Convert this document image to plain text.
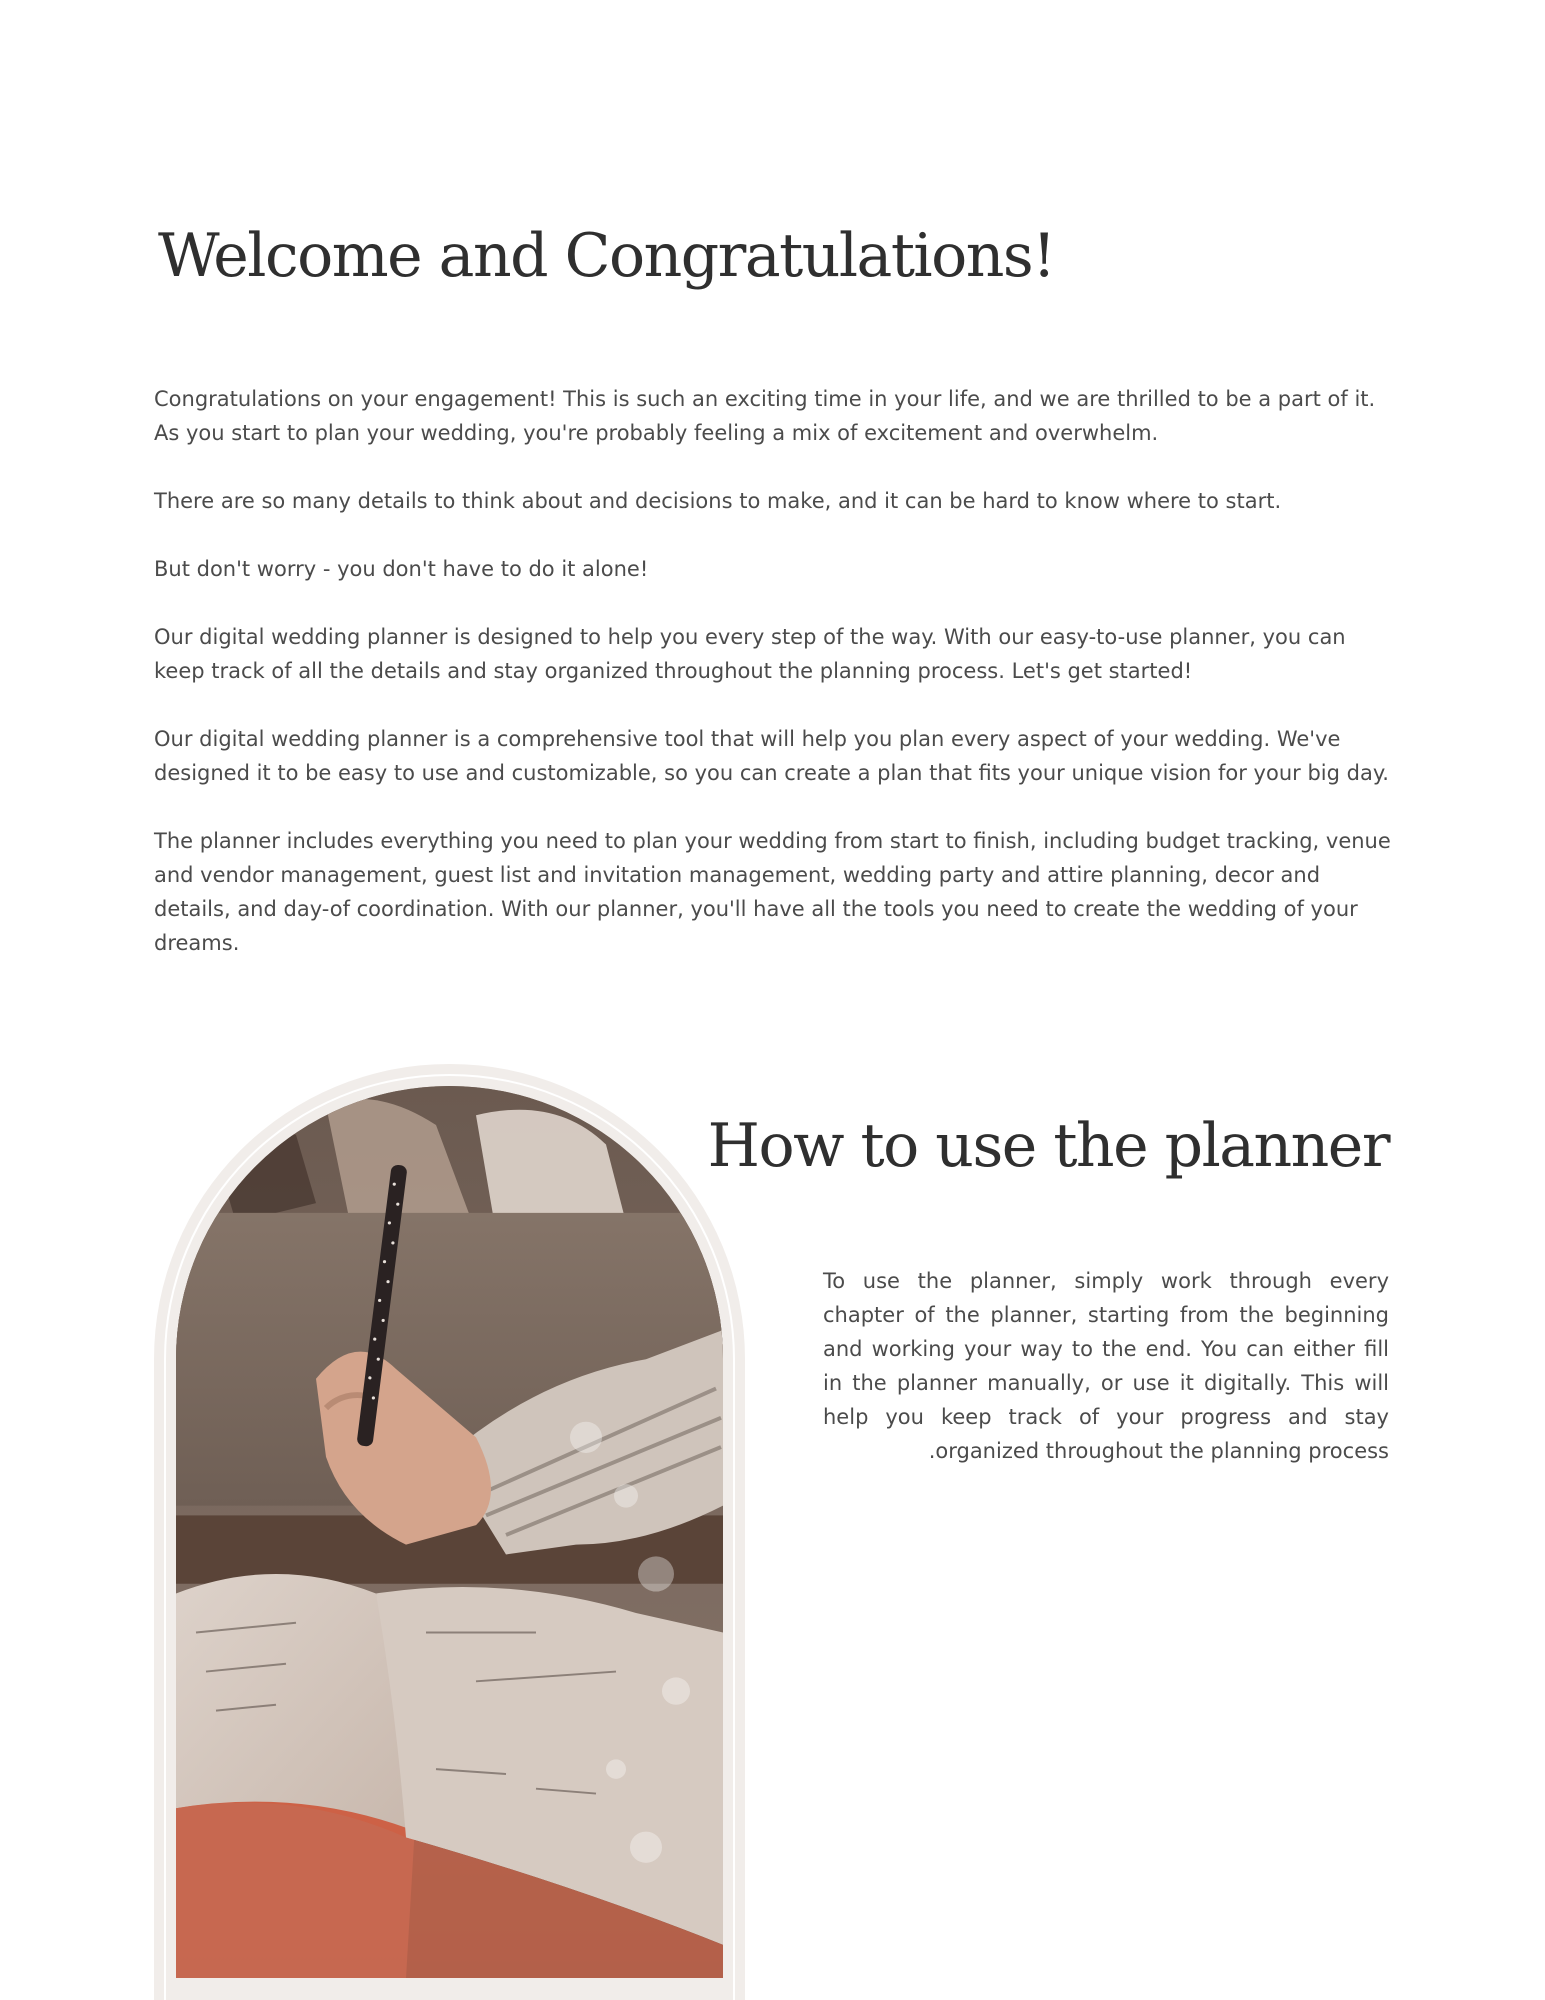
Welcome and Congratulations!

Congratulations on your engagement! This is such an exciting time in your life, and we are thrilled to be a part of it. As you start to plan your wedding, you're probably feeling a mix of excitement and overwhelm.

There are so many details to think about and decisions to make, and it can be hard to know where to start.

But don't worry - you don't have to do it alone!

Our digital wedding planner is designed to help you every step of the way. With our easy-to-use planner, you can keep track of all the details and stay organized throughout the planning process. Let's get started!

Our digital wedding planner is a comprehensive tool that will help you plan every aspect of your wedding. We've designed it to be easy to use and customizable, so you can create a plan that fits your unique vision for your big day.

The planner includes everything you need to plan your wedding from start to finish, including budget tracking, venue and vendor management, guest list and invitation management, wedding party and attire planning, decor and details, and day-of coordination. With our planner, you'll have all the tools you need to create the wedding of your dreams.

How to use the planner

To use the planner, simply work through every chapter of the planner, starting from the beginning and working your way to the end. You can either fill in the planner manually, or use it digitally. This will help you keep track of your progress and stay organized throughout the planning process.
